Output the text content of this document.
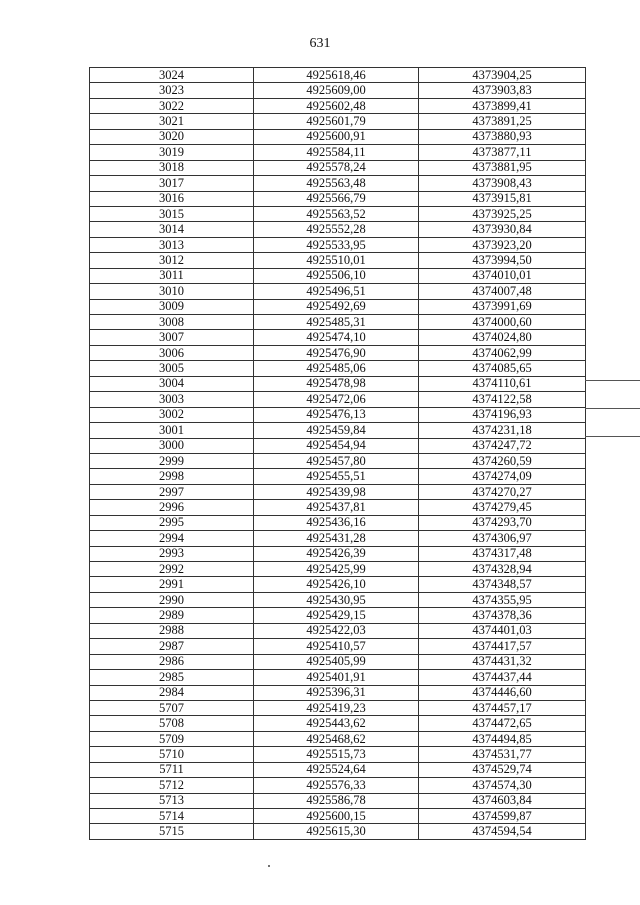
631
3024	4925618,46	4373904,25
3023	4925609,00	4373903,83
3022	4925602,48	4373899,41
3021	4925601,79	4373891,25
3020	4925600,91	4373880,93
3019	4925584,11	4373877,11
3018	4925578,24	4373881,95
3017	4925563,48	4373908,43
3016	4925566,79	4373915,81
3015	4925563,52	4373925,25
3014	4925552,28	4373930,84
3013	4925533,95	4373923,20
3012	4925510,01	4373994,50
3011	4925506,10	4374010,01
3010	4925496,51	4374007,48
3009	4925492,69	4373991,69
3008	4925485,31	4374000,60
3007	4925474,10	4374024,80
3006	4925476,90	4374062,99
3005	4925485,06	4374085,65
3004	4925478,98	4374110,61
3003	4925472,06	4374122,58
3002	4925476,13	4374196,93
3001	4925459,84	4374231,18
3000	4925454,94	4374247,72
2999	4925457,80	4374260,59
2998	4925455,51	4374274,09
2997	4925439,98	4374270,27
2996	4925437,81	4374279,45
2995	4925436,16	4374293,70
2994	4925431,28	4374306,97
2993	4925426,39	4374317,48
2992	4925425,99	4374328,94
2991	4925426,10	4374348,57
2990	4925430,95	4374355,95
2989	4925429,15	4374378,36
2988	4925422,03	4374401,03
2987	4925410,57	4374417,57
2986	4925405,99	4374431,32
2985	4925401,91	4374437,44
2984	4925396,31	4374446,60
5707	4925419,23	4374457,17
5708	4925443,62	4374472,65
5709	4925468,62	4374494,85
5710	4925515,73	4374531,77
5711	4925524,64	4374529,74
5712	4925576,33	4374574,30
5713	4925586,78	4374603,84
5714	4925600,15	4374599,87
5715	4925615,30	4374594,54
